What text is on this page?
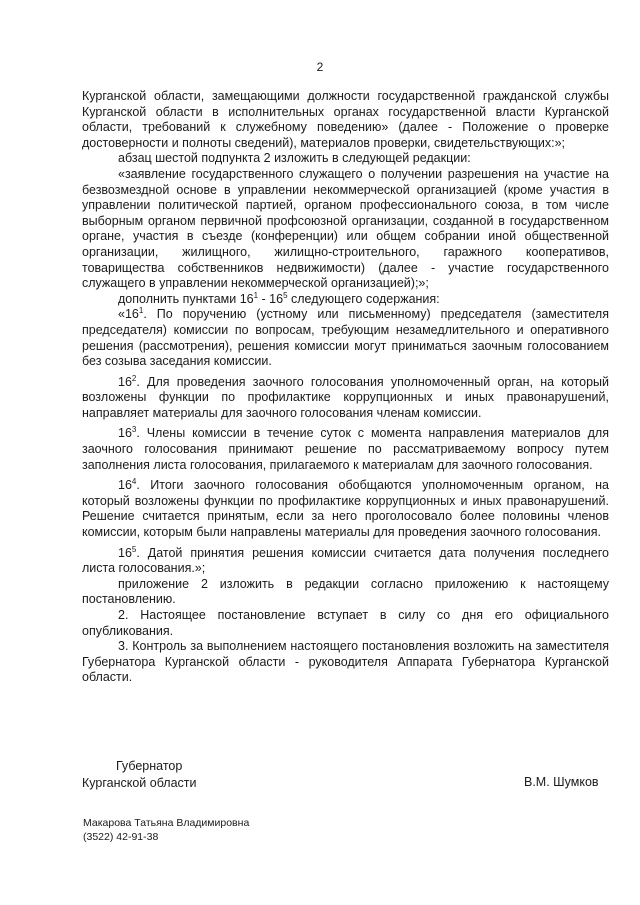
2

Курганской области, замещающими должности государственной гражданской службы Курганской области в исполнительных органах государственной власти Курганской области, требований к служебному поведению» (далее - Положение о проверке достоверности и полноты сведений), материалов проверки, свидетельствующих:»;

абзац шестой подпункта 2 изложить в следующей редакции:

«заявление государственного служащего о получении разрешения на участие на безвозмездной основе в управлении некоммерческой организацией (кроме участия в управлении политической партией, органом профессионального союза, в том числе выборным органом первичной профсоюзной организации, созданной в государственном органе, участия в съезде (конференции) или общем собрании иной общественной организации, жилищного, жилищно-строительного, гаражного кооперативов, товарищества собственников недвижимости) (далее - участие государственного служащего в управлении некоммерческой организацией);»;

дополнить пунктами $16^1 - 16^5$ следующего содержания:

«$16^1$. По поручению (устному или письменному) председателя (заместителя председателя) комиссии по вопросам, требующим незамедлительного и оперативного решения (рассмотрения), решения комиссии могут приниматься заочным голосованием без созыва заседания комиссии.

$16^2$. Для проведения заочного голосования уполномоченный орган, на который возложены функции по профилактике коррупционных и иных правонарушений, направляет материалы для заочного голосования членам комиссии.

$16^3$. Члены комиссии в течение суток с момента направления материалов для заочного голосования принимают решение по рассматриваемому вопросу путем заполнения листа голосования, прилагаемого к материалам для заочного голосования.

$16^4$. Итоги заочного голосования обобщаются уполномоченным органом, на который возложены функции по профилактике коррупционных и иных правонарушений. Решение считается принятым, если за него проголосовало более половины членов комиссии, которым были направлены материалы для проведения заочного голосования.

$16^5$. Датой принятия решения комиссии считается дата получения последнего листа голосования.»;

приложение 2 изложить в редакции согласно приложению к настоящему постановлению.

2. Настоящее постановление вступает в силу со дня его официального опубликования.

3. Контроль за выполнением настоящего постановления возложить на заместителя Губернатора Курганской области - руководителя Аппарата Губернатора Курганской области.

Губернатор
Курганской области	В.М. Шумков
Макарова Татьяна Владимировна
(3522) 42-91-38
